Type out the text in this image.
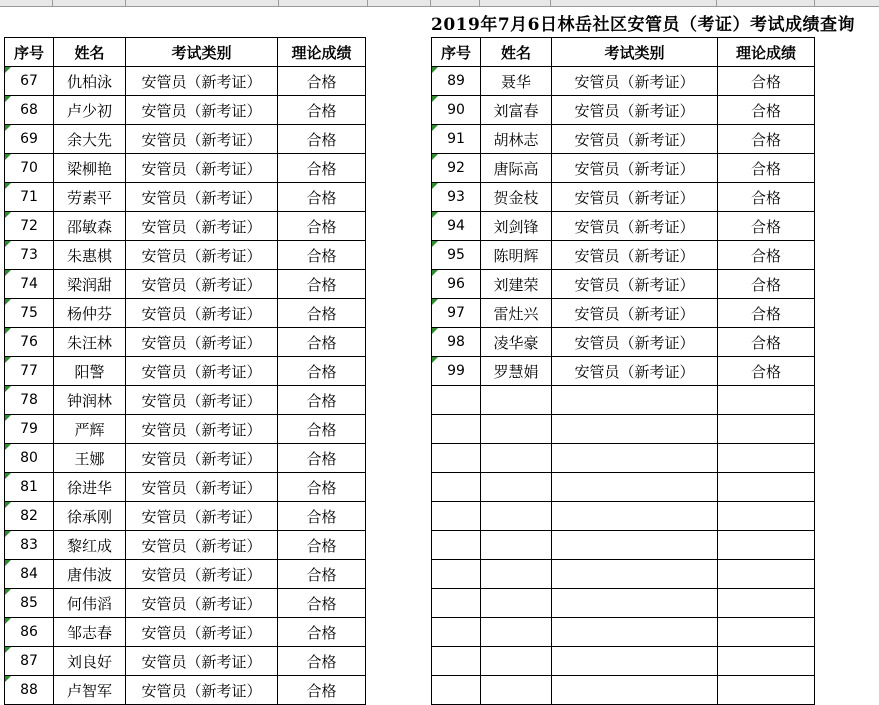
2019年7月6日林岳社区安管员（考证）考试成绩查询
序号	姓名	考试类别	理论成绩
67	仇柏泳	安管员（新考证）	合格
68	卢少初	安管员（新考证）	合格
69	余大先	安管员（新考证）	合格
70	梁柳艳	安管员（新考证）	合格
71	劳素平	安管员（新考证）	合格
72	邵敏森	安管员（新考证）	合格
73	朱惠棋	安管员（新考证）	合格
74	梁润甜	安管员（新考证）	合格
75	杨仲芬	安管员（新考证）	合格
76	朱汪林	安管员（新考证）	合格
77	阳警	安管员（新考证）	合格
78	钟润林	安管员（新考证）	合格
79	严辉	安管员（新考证）	合格
80	王娜	安管员（新考证）	合格
81	徐进华	安管员（新考证）	合格
82	徐承刚	安管员（新考证）	合格
83	黎红成	安管员（新考证）	合格
84	唐伟波	安管员（新考证）	合格
85	何伟滔	安管员（新考证）	合格
86	邹志春	安管员（新考证）	合格
87	刘良好	安管员（新考证）	合格
88	卢智军	安管员（新考证）	合格
序号	姓名	考试类别	理论成绩
89	聂华	安管员（新考证）	合格
90	刘富春	安管员（新考证）	合格
91	胡林志	安管员（新考证）	合格
92	唐际高	安管员（新考证）	合格
93	贺金枝	安管员（新考证）	合格
94	刘剑锋	安管员（新考证）	合格
95	陈明辉	安管员（新考证）	合格
96	刘建荣	安管员（新考证）	合格
97	雷灶兴	安管员（新考证）	合格
98	凌华豪	安管员（新考证）	合格
99	罗慧娟	安管员（新考证）	合格
